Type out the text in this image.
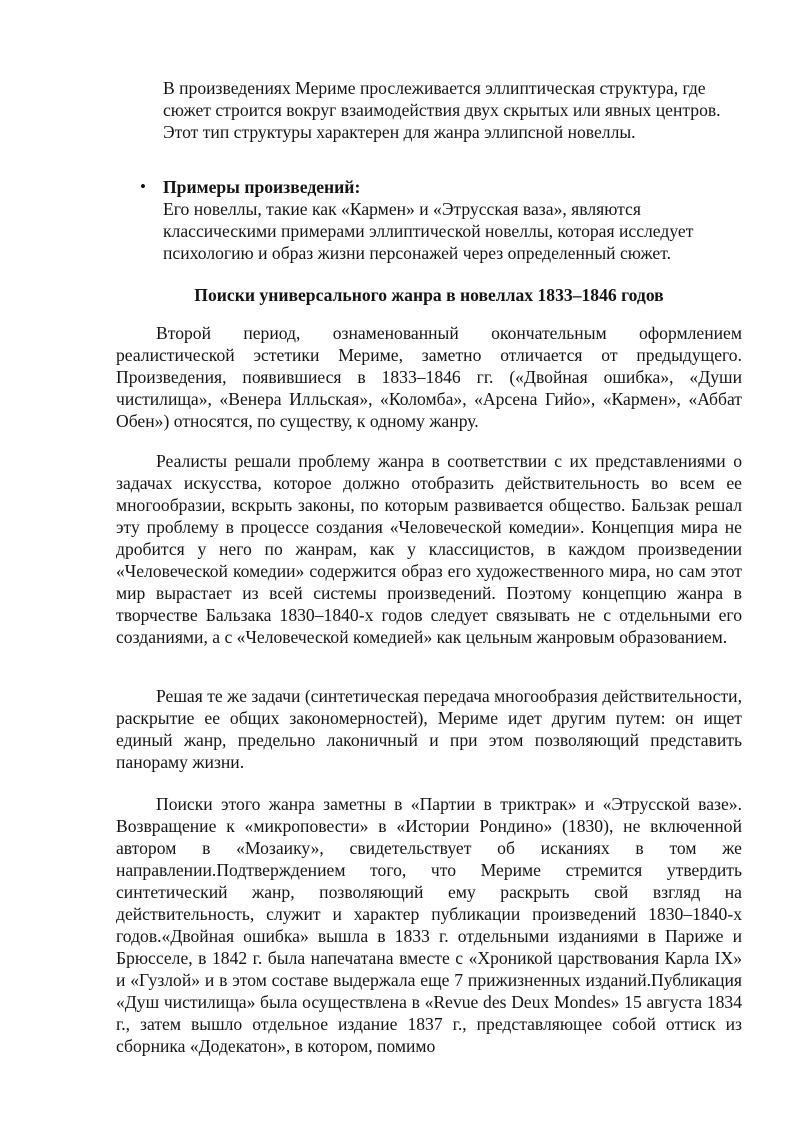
В произведениях Мериме прослеживается эллиптическая структура, где сюжет строится вокруг взаимодействия двух скрытых или явных центров. Этот тип структуры характерен для жанра эллипсной новеллы.
• Примеры произведений:
Его новеллы, такие как «Кармен» и «Этрусская ваза», являются классическими примерами эллиптической новеллы, которая исследует психологию и образ жизни персонажей через определенный сюжет.
Поиски универсального жанра в новеллах 1833–1846 годов

Второй период, ознаменованный окончательным оформлением реалистической эстетики Мериме, заметно отличается от предыдущего. Произведения, появившиеся в 1833–1846 гг. («Двойная ошибка», «Души чистилища», «Венера Илльская», «Коломба», «Арсена Гийо», «Кармен», «Аббат Обен») относятся, по существу, к одному жанру.

Реалисты решали проблему жанра в соответствии с их представлениями о задачах искусства, которое должно отобразить действительность во всем ее многообразии, вскрыть законы, по которым развивается общество. Бальзак решал эту проблему в процессе создания «Человеческой комедии». Концепция мира не дробится у него по жанрам, как у классицистов, в каждом произведении «Человеческой комедии» содержится образ его художественного мира, но сам этот мир вырастает из всей системы произведений. Поэтому концепцию жанра в творчестве Бальзака 1830–1840-х годов следует связывать не с отдельными его созданиями, а с «Человеческой комедией» как цельным жанровым образованием.

Решая те же задачи (синтетическая передача многообразия действительности, раскрытие ее общих закономерностей), Мериме идет другим путем: он ищет единый жанр, предельно лаконичный и при этом позволяющий представить панораму жизни.

Поиски этого жанра заметны в «Партии в триктрак» и «Этрусской вазе». Возвращение к «микроповести» в «Истории Рондино» (1830), не включенной автором в «Мозаику», свидетельствует об исканиях в том же направлении.Подтверждением того, что Мериме стремится утвердить синтетический жанр, позволяющий ему раскрыть свой взгляд на действительность, служит и характер публикации произведений 1830–1840-х годов.«Двойная ошибка» вышла в 1833 г. отдельными изданиями в Париже и Брюсселе, в 1842 г. была напечатана вместе с «Хроникой царствования Карла IX» и «Гузлой» и в этом составе выдержала еще 7 прижизненных изданий.Публикация «Душ чистилища» была осуществлена в «Revue des Deux Mondes» 15 августа 1834 г., затем вышло отдельное издание 1837 г., представляющее собой оттиск из сборника «Додекатон», в котором, помимо
